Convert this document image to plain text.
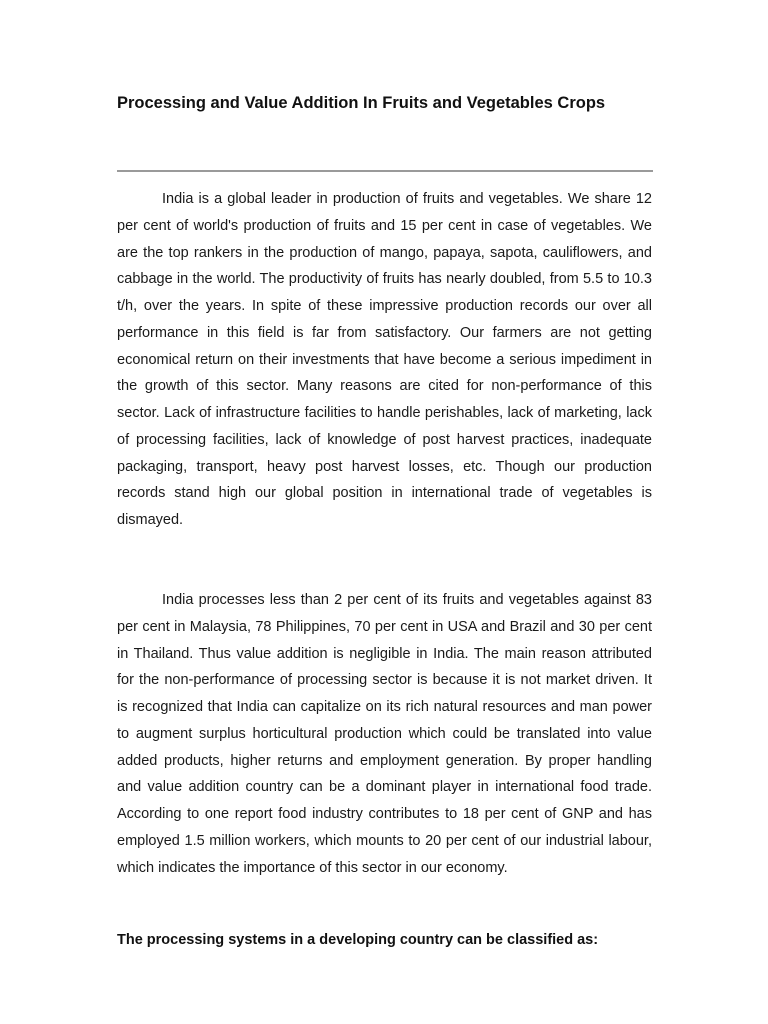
Processing and Value Addition In Fruits and Vegetables Crops

India is a global leader in production of fruits and vegetables. We share 12 per cent of world's production of fruits and 15 per cent in case of vegetables. We are the top rankers in the production of mango, papaya, sapota, cauliflowers, and cabbage in the world. The productivity of fruits has nearly doubled, from 5.5 to 10.3 t/h, over the years. In spite of these impressive production records our over all performance in this field is far from satisfactory. Our farmers are not getting economical return on their investments that have become a serious impediment in the growth of this sector. Many reasons are cited for non-performance of this sector. Lack of infrastructure facilities to handle perishables, lack of marketing, lack of processing facilities, lack of knowledge of post harvest practices, inadequate packaging, transport, heavy post harvest losses, etc. Though our production records stand high our global position in international trade of vegetables is dismayed.

India processes less than 2 per cent of its fruits and vegetables against 83 per cent in Malaysia, 78 Philippines, 70 per cent in USA and Brazil and 30 per cent in Thailand. Thus value addition is negligible in India. The main reason attributed for the non-performance of processing sector is because it is not market driven. It is recognized that India can capitalize on its rich natural resources and man power to augment surplus horticultural production which could be translated into value added products, higher returns and employment generation. By proper handling and value addition country can be a dominant player in international food trade. According to one report food industry contributes to 18 per cent of GNP and has employed 1.5 million workers, which mounts to 20 per cent of our industrial labour, which indicates the importance of this sector in our economy.

The processing systems in a developing country can be classified as:
